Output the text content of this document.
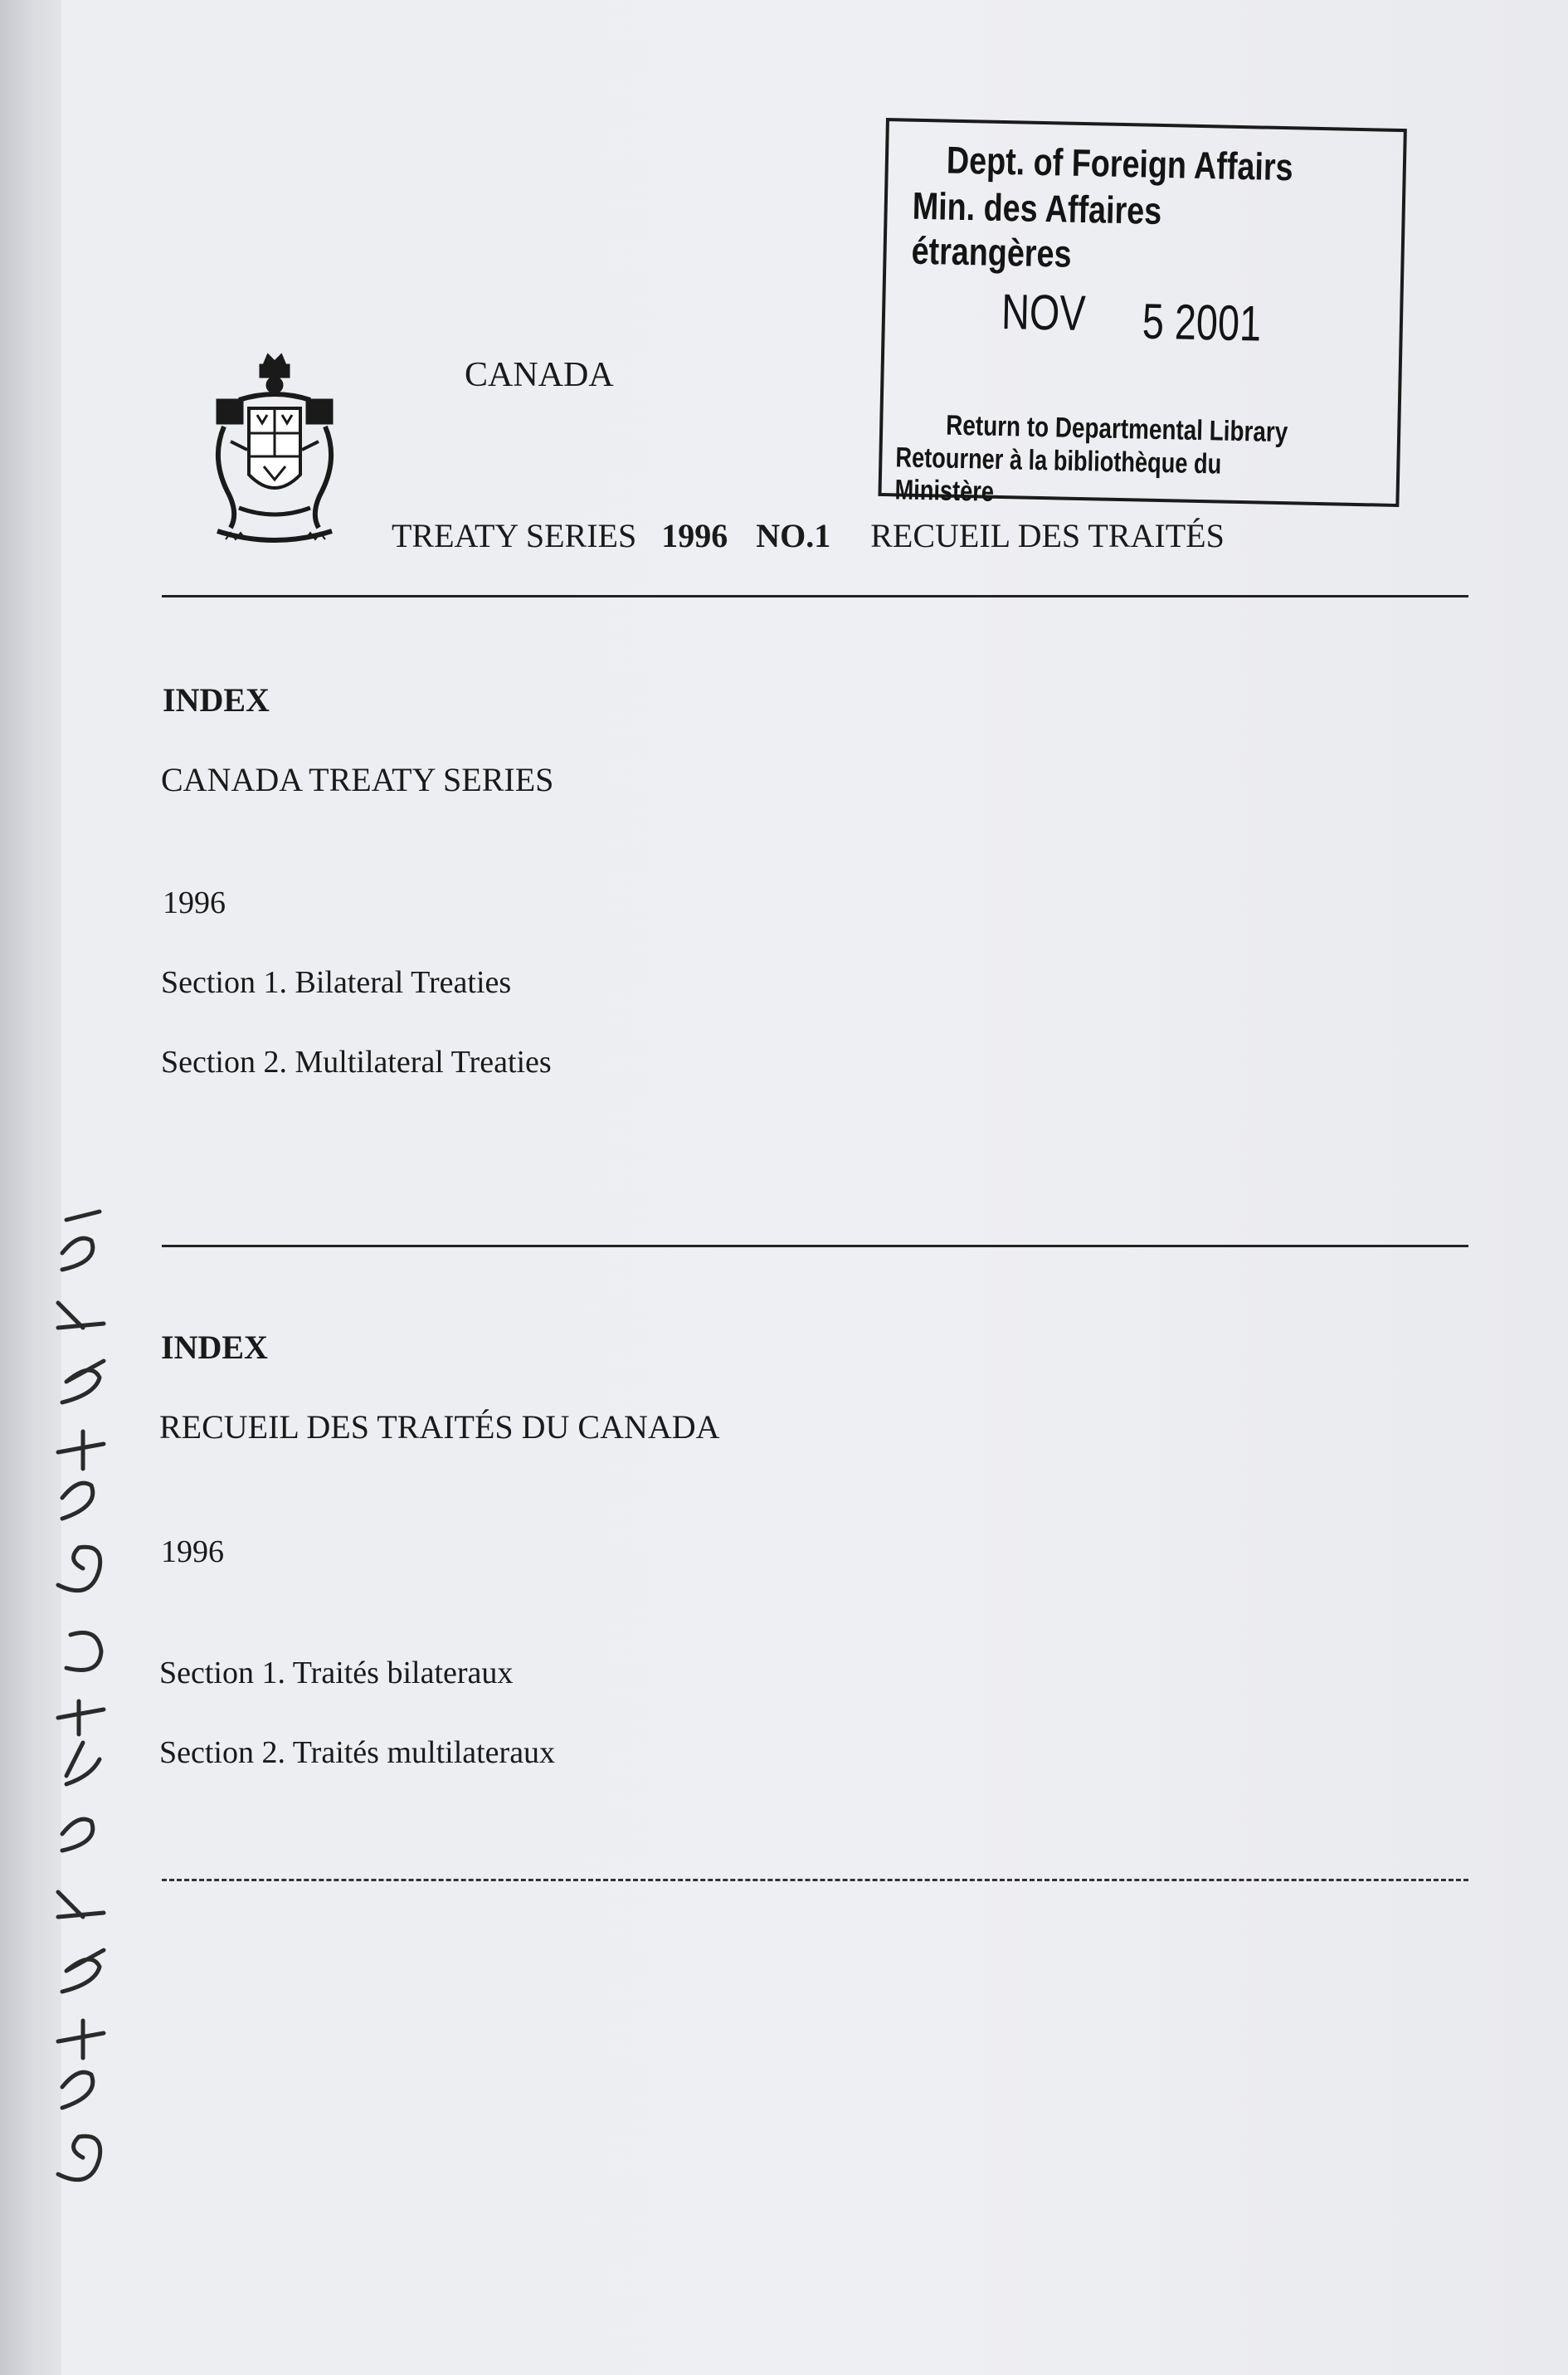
CANADA
TREATY SERIES 1996 NO.1 RECUEIL DES TRAITÉS
INDEX
CANADA TREATY SERIES
1996
Section 1. Bilateral Treaties
Section 2. Multilateral Treaties
INDEX
RECUEIL DES TRAITÉS DU CANADA
1996
Section 1. Traités bilateraux
Section 2. Traités multilateraux
Dept. of Foreign Affairs
Min. des Affaires étrangères
NOV 5 2001
Return to Departmental Library
Retourner à la bibliothèque du Ministère
